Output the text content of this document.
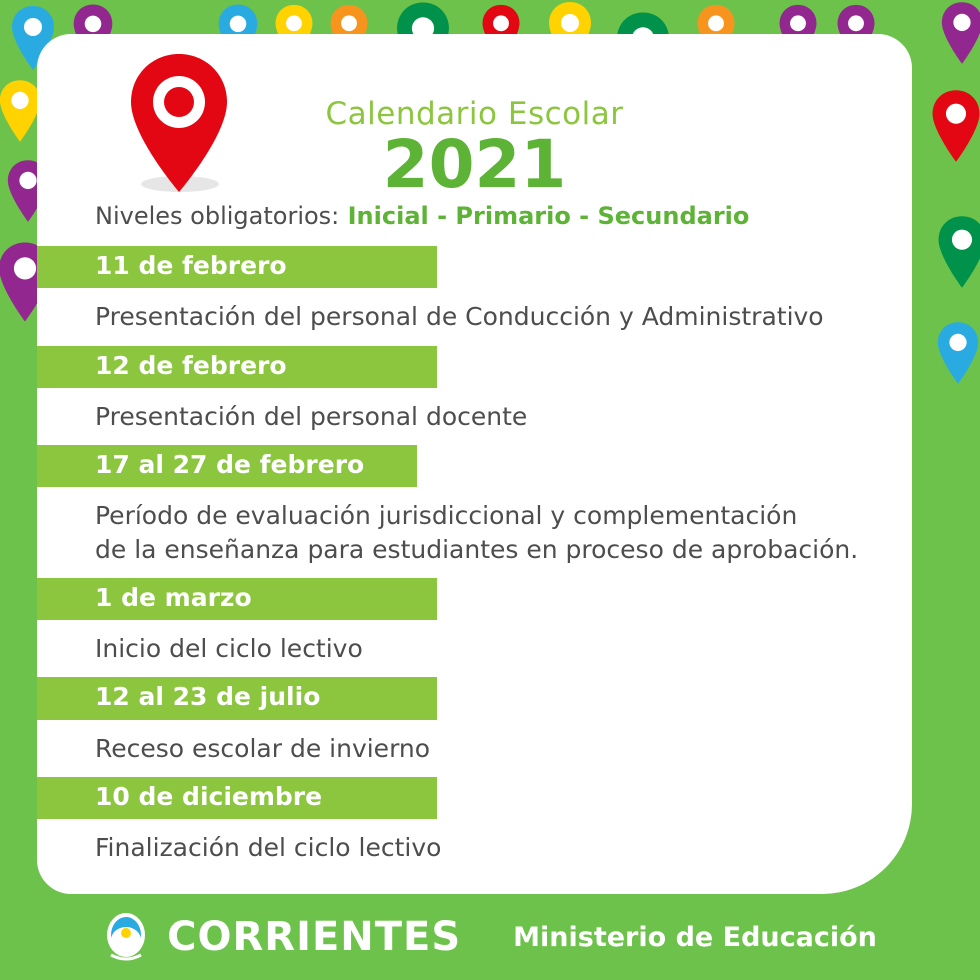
Calendario Escolar
2021
Niveles obligatorios: Inicial - Primario - Secundario
11 de febrero
Presentación del personal de Conducción y Administrativo
12 de febrero
Presentación del personal docente
17 al 27 de febrero
Período de evaluación jurisdiccional y complementación
de la enseñanza para estudiantes en proceso de aprobación.
1 de marzo
Inicio del ciclo lectivo
12 al 23 de julio
Receso escolar de invierno
10 de diciembre
Finalización del ciclo lectivo
CORRIENTES Ministerio de Educación
